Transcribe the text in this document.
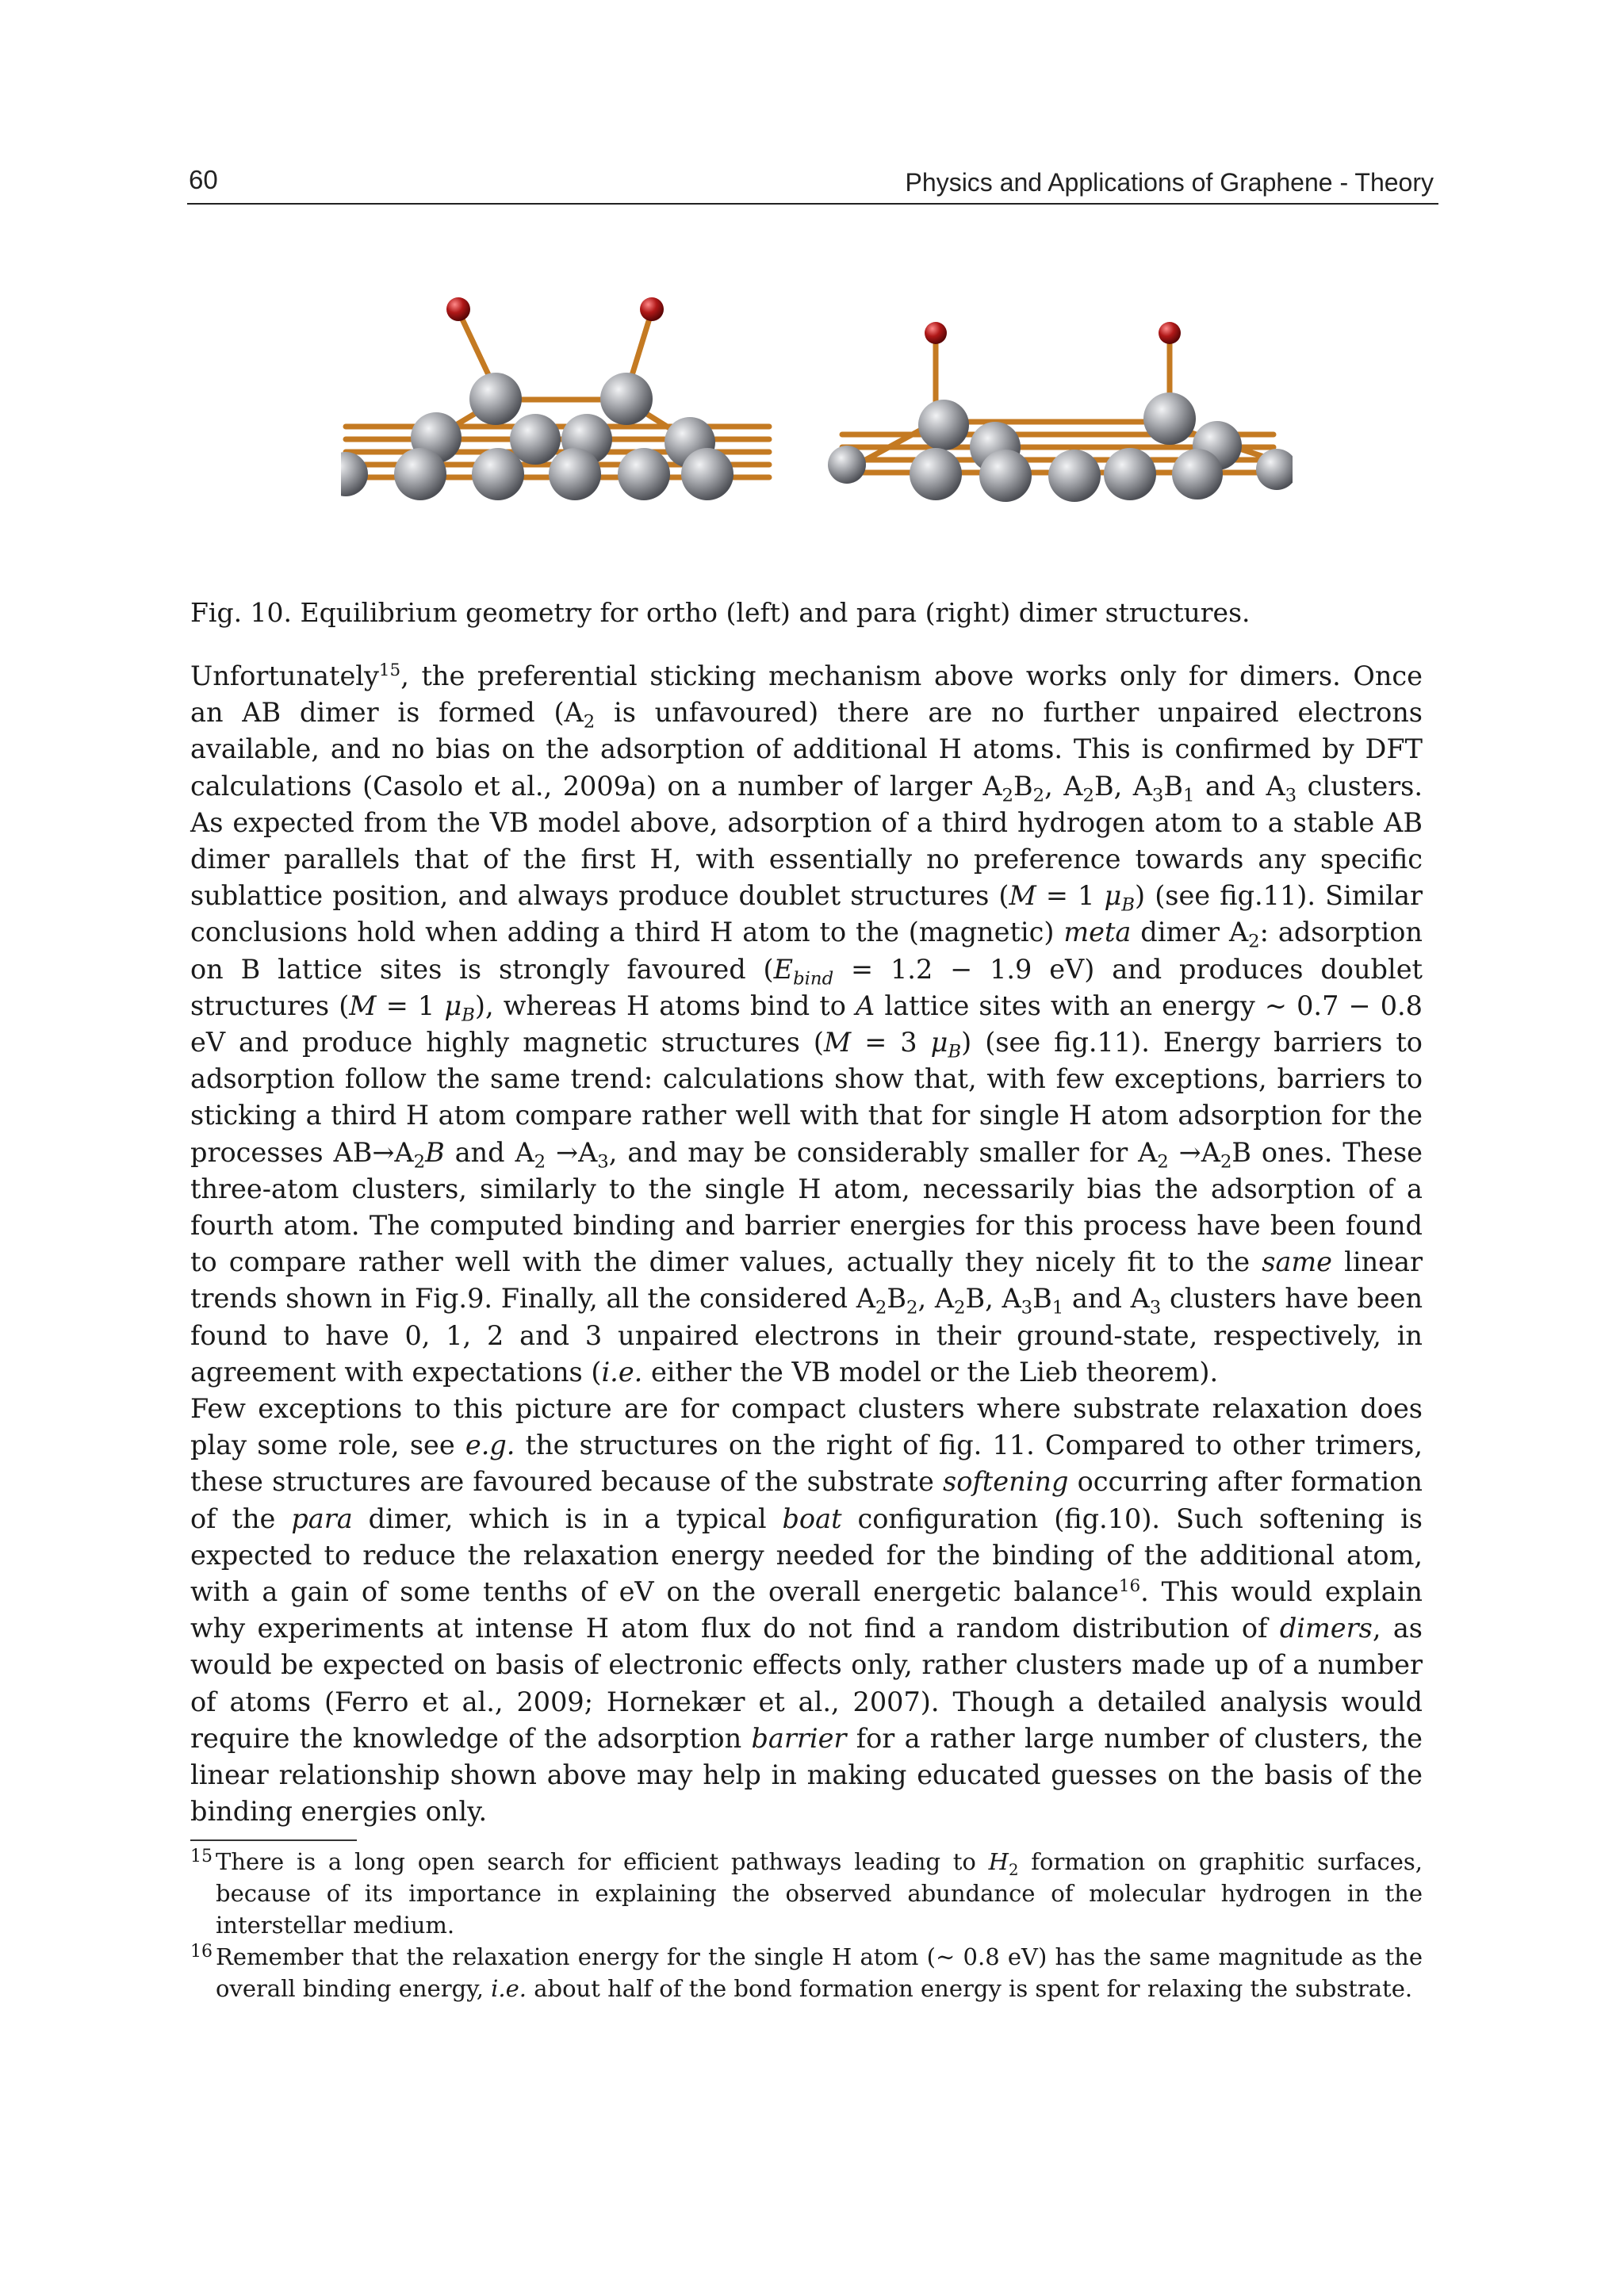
60	Physics and Applications of Graphene - Theory
Fig. 10. Equilibrium geometry for ortho (left) and para (right) dimer structures.

Unfortunately$^{15}$, the preferential sticking mechanism above works only for dimers. Once an AB dimer is formed ($A_2$ is unfavoured) there are no further unpaired electrons available, and no bias on the adsorption of additional H atoms. This is confirmed by DFT calculations (Casolo et al., 2009a) on a number of larger $A_2B_2$, $A_2B$, $A_3B_1$ and $A_3$ clusters. As expected from the VB model above, adsorption of a third hydrogen atom to a stable AB dimer parallels that of the first H, with essentially no preference towards any specific sublattice position, and always produce doublet structures (M = 1 $\mu_B$) (see fig.11). Similar conclusions hold when adding a third H atom to the (magnetic) meta dimer $A_2$: adsorption on B lattice sites is strongly favoured ($E_{bind} = 1.2 - 1.9$ eV) and produces doublet structures (M = 1 $\mu_B$), whereas H atoms bind to A lattice sites with an energy ∼ 0.7 − 0.8 eV and produce highly magnetic structures (M = 3 $\mu_B$) (see fig.11). Energy barriers to adsorption follow the same trend: calculations show that, with few exceptions, barriers to sticking a third H atom compare rather well with that for single H atom adsorption for the processes $AB\to A_2B$ and $A_2 \to A_3$, and may be considerably smaller for $A_2 \to A_2B$ ones. These three-atom clusters, similarly to the single H atom, necessarily bias the adsorption of a fourth atom. The computed binding and barrier energies for this process have been found to compare rather well with the dimer values, actually they nicely fit to the same linear trends shown in Fig.9. Finally, all the considered $A_2B_2$, $A_2B$, $A_3B_1$ and $A_3$ clusters have been found to have 0, 1, 2 and 3 unpaired electrons in their ground-state, respectively, in agreement with expectations (i.e. either the VB model or the Lieb theorem).

Few exceptions to this picture are for compact clusters where substrate relaxation does play some role, see e.g. the structures on the right of fig. 11. Compared to other trimers, these structures are favoured because of the substrate softening occurring after formation of the para dimer, which is in a typical boat configuration (fig.10). Such softening is expected to reduce the relaxation energy needed for the binding of the additional atom, with a gain of some tenths of eV on the overall energetic balance$^{16}$. This would explain why experiments at intense H atom flux do not find a random distribution of dimers, as would be expected on basis of electronic effects only, rather clusters made up of a number of atoms (Ferro et al., 2009; Hornekær et al., 2007). Though a detailed analysis would require the knowledge of the adsorption barrier for a rather large number of clusters, the linear relationship shown above may help in making educated guesses on the basis of the binding energies only.

15 There is a long open search for efficient pathways leading to $H_2$ formation on graphitic surfaces, because of its importance in explaining the observed abundance of molecular hydrogen in the interstellar medium.

16 Remember that the relaxation energy for the single H atom (∼ 0.8 eV) has the same magnitude as the overall binding energy, i.e. about half of the bond formation energy is spent for relaxing the substrate.
